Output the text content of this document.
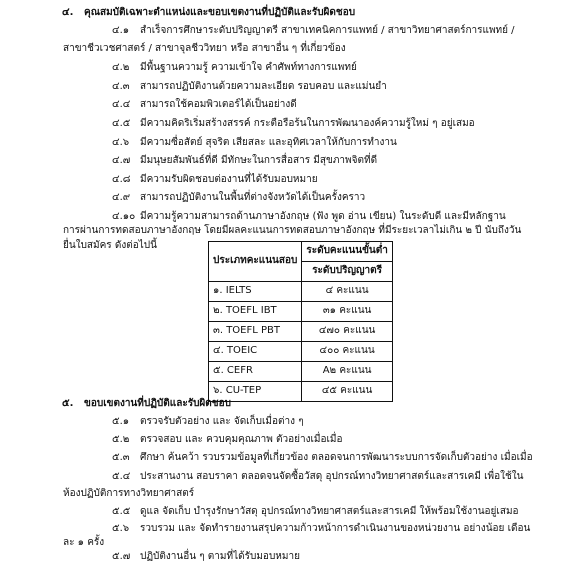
๔. คุณสมบัติเฉพาะตำแหน่งและขอบเขตงานที่ปฏิบัติและรับผิดชอบ
๔.๑ สำเร็จการศึกษาระดับปริญญาตรี สาขาเทคนิคการแพทย์ / สาขาวิทยาศาสตร์การแพทย์ /
สาขาชีวเวชศาสตร์ / สาขาจุลชีววิทยา หรือ สาขาอื่น ๆ ที่เกี่ยวข้อง
๔.๒ มีพื้นฐานความรู้ ความเข้าใจ คำศัพท์ทางการแพทย์
๔.๓ สามารถปฏิบัติงานด้วยความละเอียด รอบคอบ และแม่นยำ
๔.๔ สามารถใช้คอมพิวเตอร์ได้เป็นอย่างดี
๔.๕ มีความคิดริเริ่มสร้างสรรค์ กระตือรือร้นในการพัฒนาองค์ความรู้ใหม่ ๆ อยู่เสมอ
๔.๖ มีความซื่อสัตย์ สุจริต เสียสละ และอุทิศเวลาให้กับการทำงาน
๔.๗ มีมนุษยสัมพันธ์ที่ดี มีทักษะในการสื่อสาร มีสุขภาพจิตที่ดี
๔.๘ มีความรับผิดชอบต่องานที่ได้รับมอบหมาย
๔.๙ สามารถปฏิบัติงานในพื้นที่ต่างจังหวัดได้เป็นครั้งคราว
๔.๑๐ มีความรู้ความสามารถด้านภาษาอังกฤษ (ฟัง พูด อ่าน เขียน) ในระดับดี และมีหลักฐาน
การผ่านการทดสอบภาษาอังกฤษ โดยมีผลคะแนนการทดสอบภาษาอังกฤษ ที่มีระยะเวลาไม่เกิน ๒ ปี นับถึงวัน
ยื่นใบสมัคร ดังต่อไปนี้
ประเภทคะแนนสอบ	ระดับคะแนนขั้นต่ำ
	ระดับปริญญาตรี
๑. IELTS	๔ คะแนน
๒. TOEFL IBT	๓๑ คะแนน
๓. TOEFL PBT	๔๗๐ คะแนน
๔. TOEIC	๔๐๐ คะแนน
๕. CEFR	A๒ คะแนน
๖. CU-TEP	๔๕ คะแนน
๕. ขอบเขตงานที่ปฏิบัติและรับผิดชอบ
๕.๑ ตรวจรับตัวอย่าง และ จัดเก็บเมื่อต่าง ๆ
๕.๒ ตรวจสอบ และ ควบคุมคุณภาพ ตัวอย่างเมื่อเมื่อ
๕.๓ ศึกษา ค้นคว้า รวบรวมข้อมูลที่เกี่ยวข้อง ตลอดจนการพัฒนาระบบการจัดเก็บตัวอย่าง เมื่อเมื่อ
๕.๔ ประสานงาน สอบราคา ตลอดจนจัดซื้อวัสดุ อุปกรณ์ทางวิทยาศาสตร์และสารเคมี เพื่อใช้ใน
ห้องปฏิบัติการทางวิทยาศาสตร์
๕.๕ ดูแล จัดเก็บ บำรุงรักษาวัสดุ อุปกรณ์ทางวิทยาศาสตร์และสารเคมี ให้พร้อมใช้งานอยู่เสมอ
๕.๖ รวบรวม และ จัดทำรายงานสรุปความก้าวหน้าการดำเนินงานของหน่วยงาน อย่างน้อย เดือน
ละ ๑ ครั้ง
๕.๗ ปฏิบัติงานอื่น ๆ ตามที่ได้รับมอบหมาย
